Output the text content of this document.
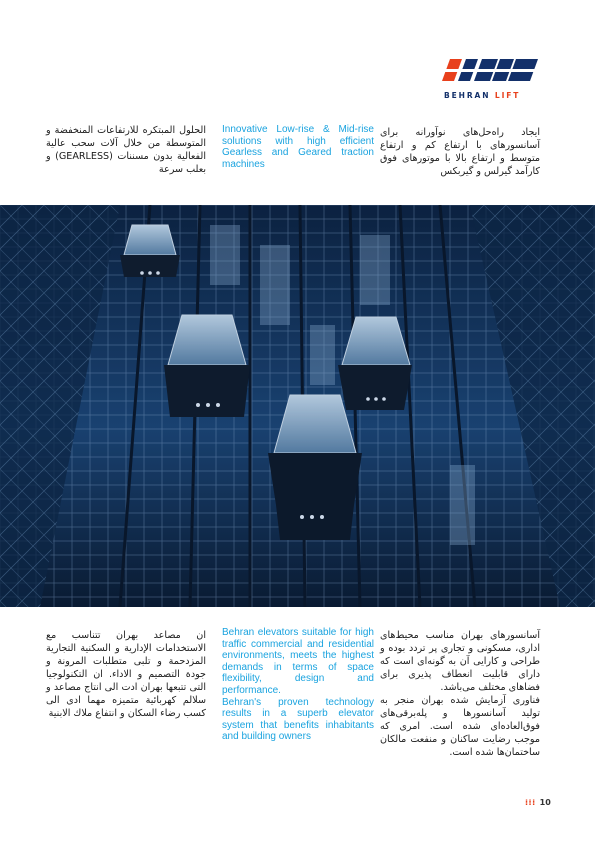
BEHRAN LIFT
ایجاد راه‌حل‌های نوآورانه برای آسانسورهای با ارتفاع کم و ارتفاع متوسط و ارتفاع بالا با موتورهای فوق کارآمد گیرلس و گیربکس
Innovative Low-rise & Mid-rise solutions with high efficient Gearless and Geared traction machines
الحلول المبتكره للارتفاعات المنخفضة و المتوسطة من خلال آلات سحب عالية الفعالية بدون مسننات (GEARLESS) و بعلب سرعة
آسانسورهای بهران مناسب محیط‌های اداری، مسکونی و تجاری پر تردد بوده و طراحی و کارایی آن به گونه‌ای است که دارای قابلیت انعطاف پذیری برای فضاهای مختلف می‌باشد.
فناوری آزمایش شده بهران منجر به تولید آسانسورها و پله‌برقی‌های فوق‌العاده‌ای شده است. امری که موجب رضایت ساکنان و منفعت مالکان ساختمان‌ها شده است.
Behran elevators suitable for high traffic commercial and residential environments, meets the highest demands in terms of space flexibility, design and performance.
Behran's proven technology results in a superb elevator system that benefits inhabitants and building owners
ان مصاعد بهران تتناسب مع الاستخدامات الإدارية و السكنية التجارية المزدحمة و تلبى متطلبات المرونة و جودة التصميم و الاداء. ان التكنولوجيا التى تتبعها بهران ادت الى انتاج مصاعد و سلالم كهربائية متميزه مهما ادى الى كسب رضاء السكان و انتفاع ملاك الابنية
⁞⁞⁞ 10
